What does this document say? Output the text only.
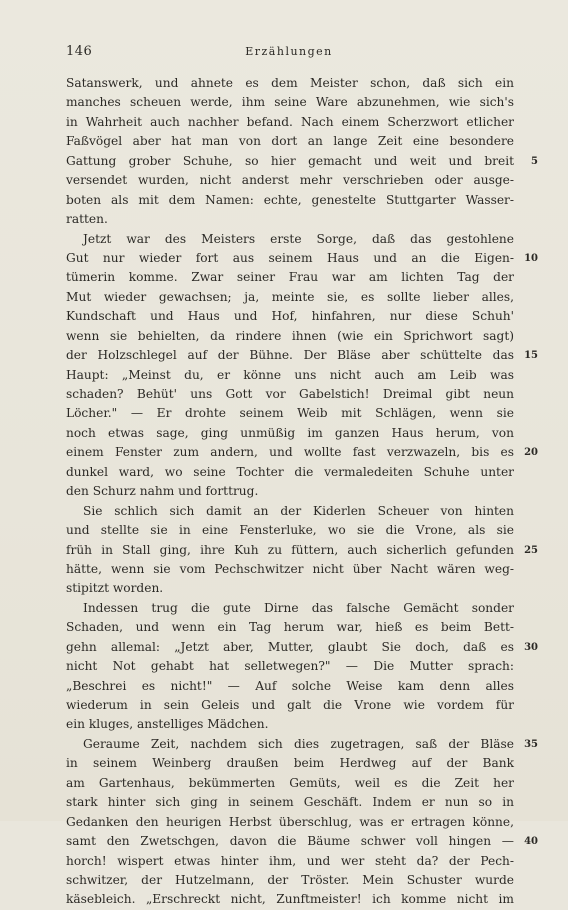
146	Erzählungen
Satanswerk, und ahnete es dem Meister schon, daß sich ein
manches scheuen werde, ihm seine Ware abzunehmen, wie sich's
in Wahrheit auch nachher befand. Nach einem Scherzwort etlicher
Faßvögel aber hat man von dort an lange Zeit eine besondere
Gattung grober Schuhe, so hier gemacht und weit und breit 5
versendet wurden, nicht anderst mehr verschrieben oder ausge-
boten als mit dem Namen: echte, genestelte Stuttgarter Wasser-
ratten.
Jetzt war des Meisters erste Sorge, daß das gestohlene
Gut nur wieder fort aus seinem Haus und an die Eigen- 10
tümerin komme. Zwar seiner Frau war am lichten Tag der
Mut wieder gewachsen; ja, meinte sie, es sollte lieber alles,
Kundschaft und Haus und Hof, hinfahren, nur diese Schuh'
wenn sie behielten, da rindere ihnen (wie ein Sprichwort sagt)
der Holzschlegel auf der Bühne. Der Bläse aber schüttelte das 15
Haupt: „Meinst du, er könne uns nicht auch am Leib was
schaden? Behüt' uns Gott vor Gabelstich! Dreimal gibt neun
Löcher." — Er drohte seinem Weib mit Schlägen, wenn sie
noch etwas sage, ging unmüßig im ganzen Haus herum, von
einem Fenster zum andern, und wollte fast verzwazeln, bis es 20
dunkel ward, wo seine Tochter die vermaledeiten Schuhe unter
den Schurz nahm und forttrug.
Sie schlich sich damit an der Kiderlen Scheuer von hinten
und stellte sie in eine Fensterluke, wo sie die Vrone, als sie
früh in Stall ging, ihre Kuh zu füttern, auch sicherlich gefunden 25
hätte, wenn sie vom Pechschwitzer nicht über Nacht wären weg-
stipitzt worden.
Indessen trug die gute Dirne das falsche Gemächt sonder
Schaden, und wenn ein Tag herum war, hieß es beim Bett-
gehn allemal: „Jetzt aber, Mutter, glaubt Sie doch, daß es 30
nicht Not gehabt hat selletwegen?" — Die Mutter sprach:
„Beschrei es nicht!" — Auf solche Weise kam denn alles
wiederum in sein Geleis und galt die Vrone wie vordem für
ein kluges, anstelliges Mädchen.
Geraume Zeit, nachdem sich dies zugetragen, saß der Bläse 35
in seinem Weinberg draußen beim Herdweg auf der Bank
am Gartenhaus, bekümmerten Gemüts, weil es die Zeit her
stark hinter sich ging in seinem Geschäft. Indem er nun so in
Gedanken den heurigen Herbst überschlug, was er ertragen könne,
samt den Zwetschgen, davon die Bäume schwer voll hingen — 40
horch! wispert etwas hinter ihm, und wer steht da? der Pech-
schwitzer, der Hutzelmann, der Tröster. Mein Schuster wurde
käsebleich. „Erschreckt nicht, Zunftmeister! ich komme nicht im
